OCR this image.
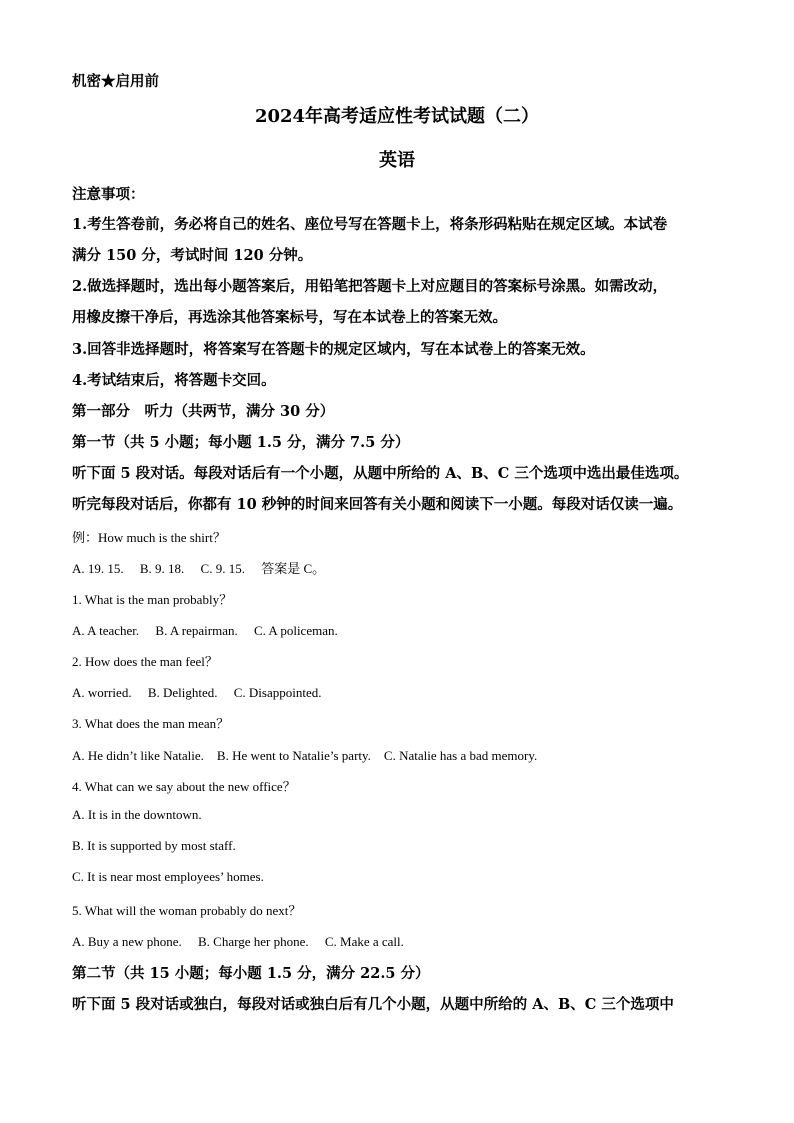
机密★启用前
2024年高考适应性考试试题（二）
英语
注意事项：
1.考生答卷前，务必将自己的姓名、座位号写在答题卡上，将条形码粘贴在规定区域。本试卷
满分 150 分，考试时间 120 分钟。
2.做选择题时，选出每小题答案后，用铅笔把答题卡上对应题目的答案标号涂黑。如需改动，
用橡皮擦干净后，再选涂其他答案标号，写在本试卷上的答案无效。
3.回答非选择题时，将答案写在答题卡的规定区域内，写在本试卷上的答案无效。
4.考试结束后，将答题卡交回。
第一部分　听力（共两节，满分 30 分）
第一节（共 5 小题；每小题 1.5 分，满分 7.5 分）
听下面 5 段对话。每段对话后有一个小题，从题中所给的 A、B、C 三个选项中选出最佳选项。
听完每段对话后，你都有 10 秒钟的时间来回答有关小题和阅读下一小题。每段对话仅读一遍。
例：How much is the shirt？
A. 19. 15.　 B. 9. 18.　 C. 9. 15.　 答案是 C。
1. What is the man probably？
A. A teacher.　 B. A repairman.　 C. A policeman.
2. How does the man feel？
A. worried.　 B. Delighted.　 C. Disappointed.
3. What does the man mean？
A. He didn’t like Natalie.　B. He went to Natalie’s party.　C. Natalie has a bad memory.
4. What can we say about the new office？
A. It is in the downtown.
B. It is supported by most staff.
C. It is near most employees’ homes.
5. What will the woman probably do next？
A. Buy a new phone.　 B. Charge her phone.　 C. Make a call.
第二节（共 15 小题；每小题 1.5 分，满分 22.5 分）
听下面 5 段对话或独白，每段对话或独白后有几个小题，从题中所给的 A、B、C 三个选项中
